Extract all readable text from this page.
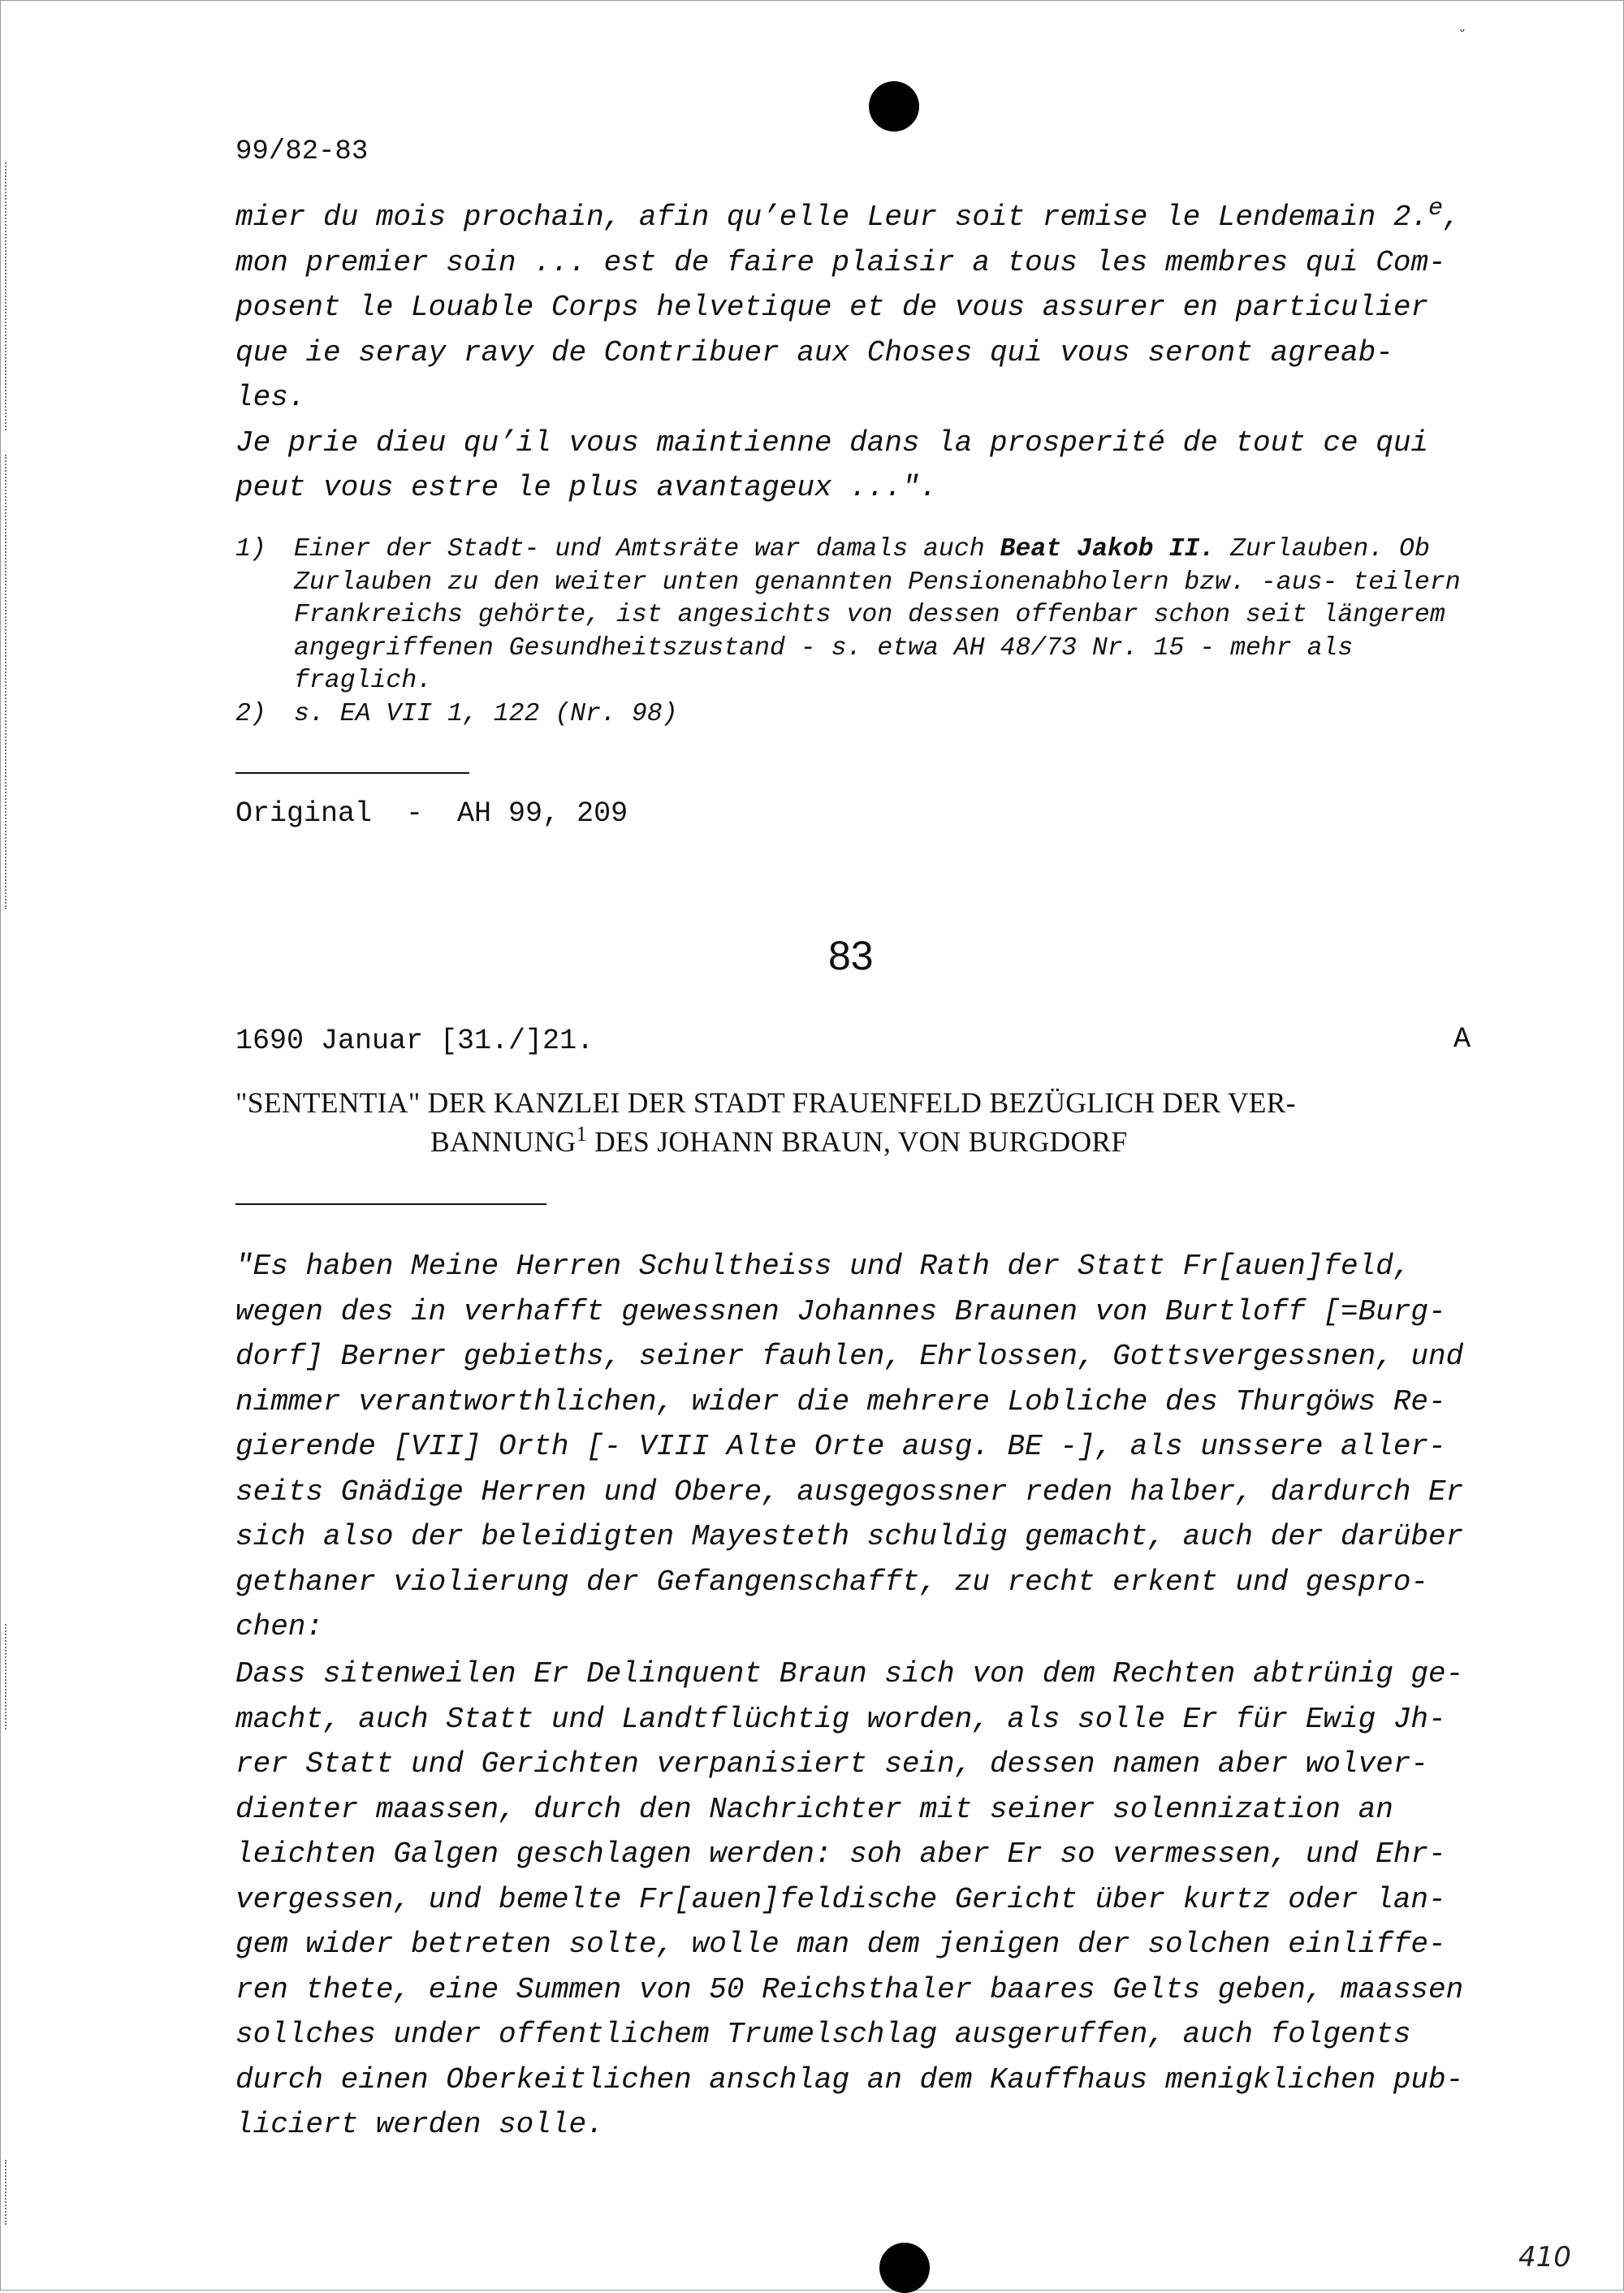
ᵕ
99/82-83
mier du mois prochain, afin qu’elle Leur soit remise le Lendemain 2.$^e$, mon premier soin ... est de faire plaisir a tous les membres qui Com- posent le Louable Corps helvetique et de vous assurer en particulier que ie seray ravy de Contribuer aux Choses qui vous seront agreab- les.
Je prie dieu qu’il vous maintienne dans la prosperité de tout ce qui peut vous estre le plus avantageux ...".
1)	Einer der Stadt- und Amtsräte war damals auch Beat Jakob II. Zurlauben. Ob Zurlauben zu den weiter unten genannten Pensionenabholern bzw. -aus- teilern Frankreichs gehörte, ist angesichts von dessen offenbar schon seit längerem angegriffenen Gesundheitszustand - s. etwa AH 48/73 Nr. 15 - mehr als fraglich.
2)	s. EA VII 1, 122 (Nr. 98)
Original  -  AH 99, 209
83
1690 Januar [31./]21.	A
"SENTENTIA" DER KANZLEI DER STADT FRAUENFELD BEZÜGLICH DER VER-
BANNUNG$^1$ DES JOHANN BRAUN, VON BURGDORF
"Es haben Meine Herren Schultheiss und Rath der Statt Fr[auen]feld, wegen des in verhafft gewessnen Johannes Braunen von Burtloff [=Burg- dorf] Berner gebieths, seiner fauhlen, Ehrlossen, Gottsvergessnen, und nimmer verantworthlichen, wider die mehrere Lobliche des Thurgöws Re- gierende [VII] Orth [- VIII Alte Orte ausg. BE -], als unssere aller- seits Gnädige Herren und Obere, ausgegossner reden halber, dardurch Er sich also der beleidigten Mayesteth schuldig gemacht, auch der darüber gethaner violierung der Gefangenschafft, zu recht erkent und gespro- chen:
Dass sitenweilen Er Delinquent Braun sich von dem Rechten abtrünig ge- macht, auch Statt und Landtflüchtig worden, als solle Er für Ewig Jh- rer Statt und Gerichten verpanisiert sein, dessen namen aber wolver- dienter maassen, durch den Nachrichter mit seiner solennization an leichten Galgen geschlagen werden: soh aber Er so vermessen, und Ehr- vergessen, und bemelte Fr[auen]feldische Gericht über kurtz oder lan- gem wider betreten solte, wolle man dem jenigen der solchen einliffe- ren thete, eine Summen von 50 Reichsthaler baares Gelts geben, maassen sollches under offentlichem Trumelschlag ausgeruffen, auch folgents durch einen Oberkeitlichen anschlag an dem Kauffhaus menigklichen pub- liciert werden solle.
410
